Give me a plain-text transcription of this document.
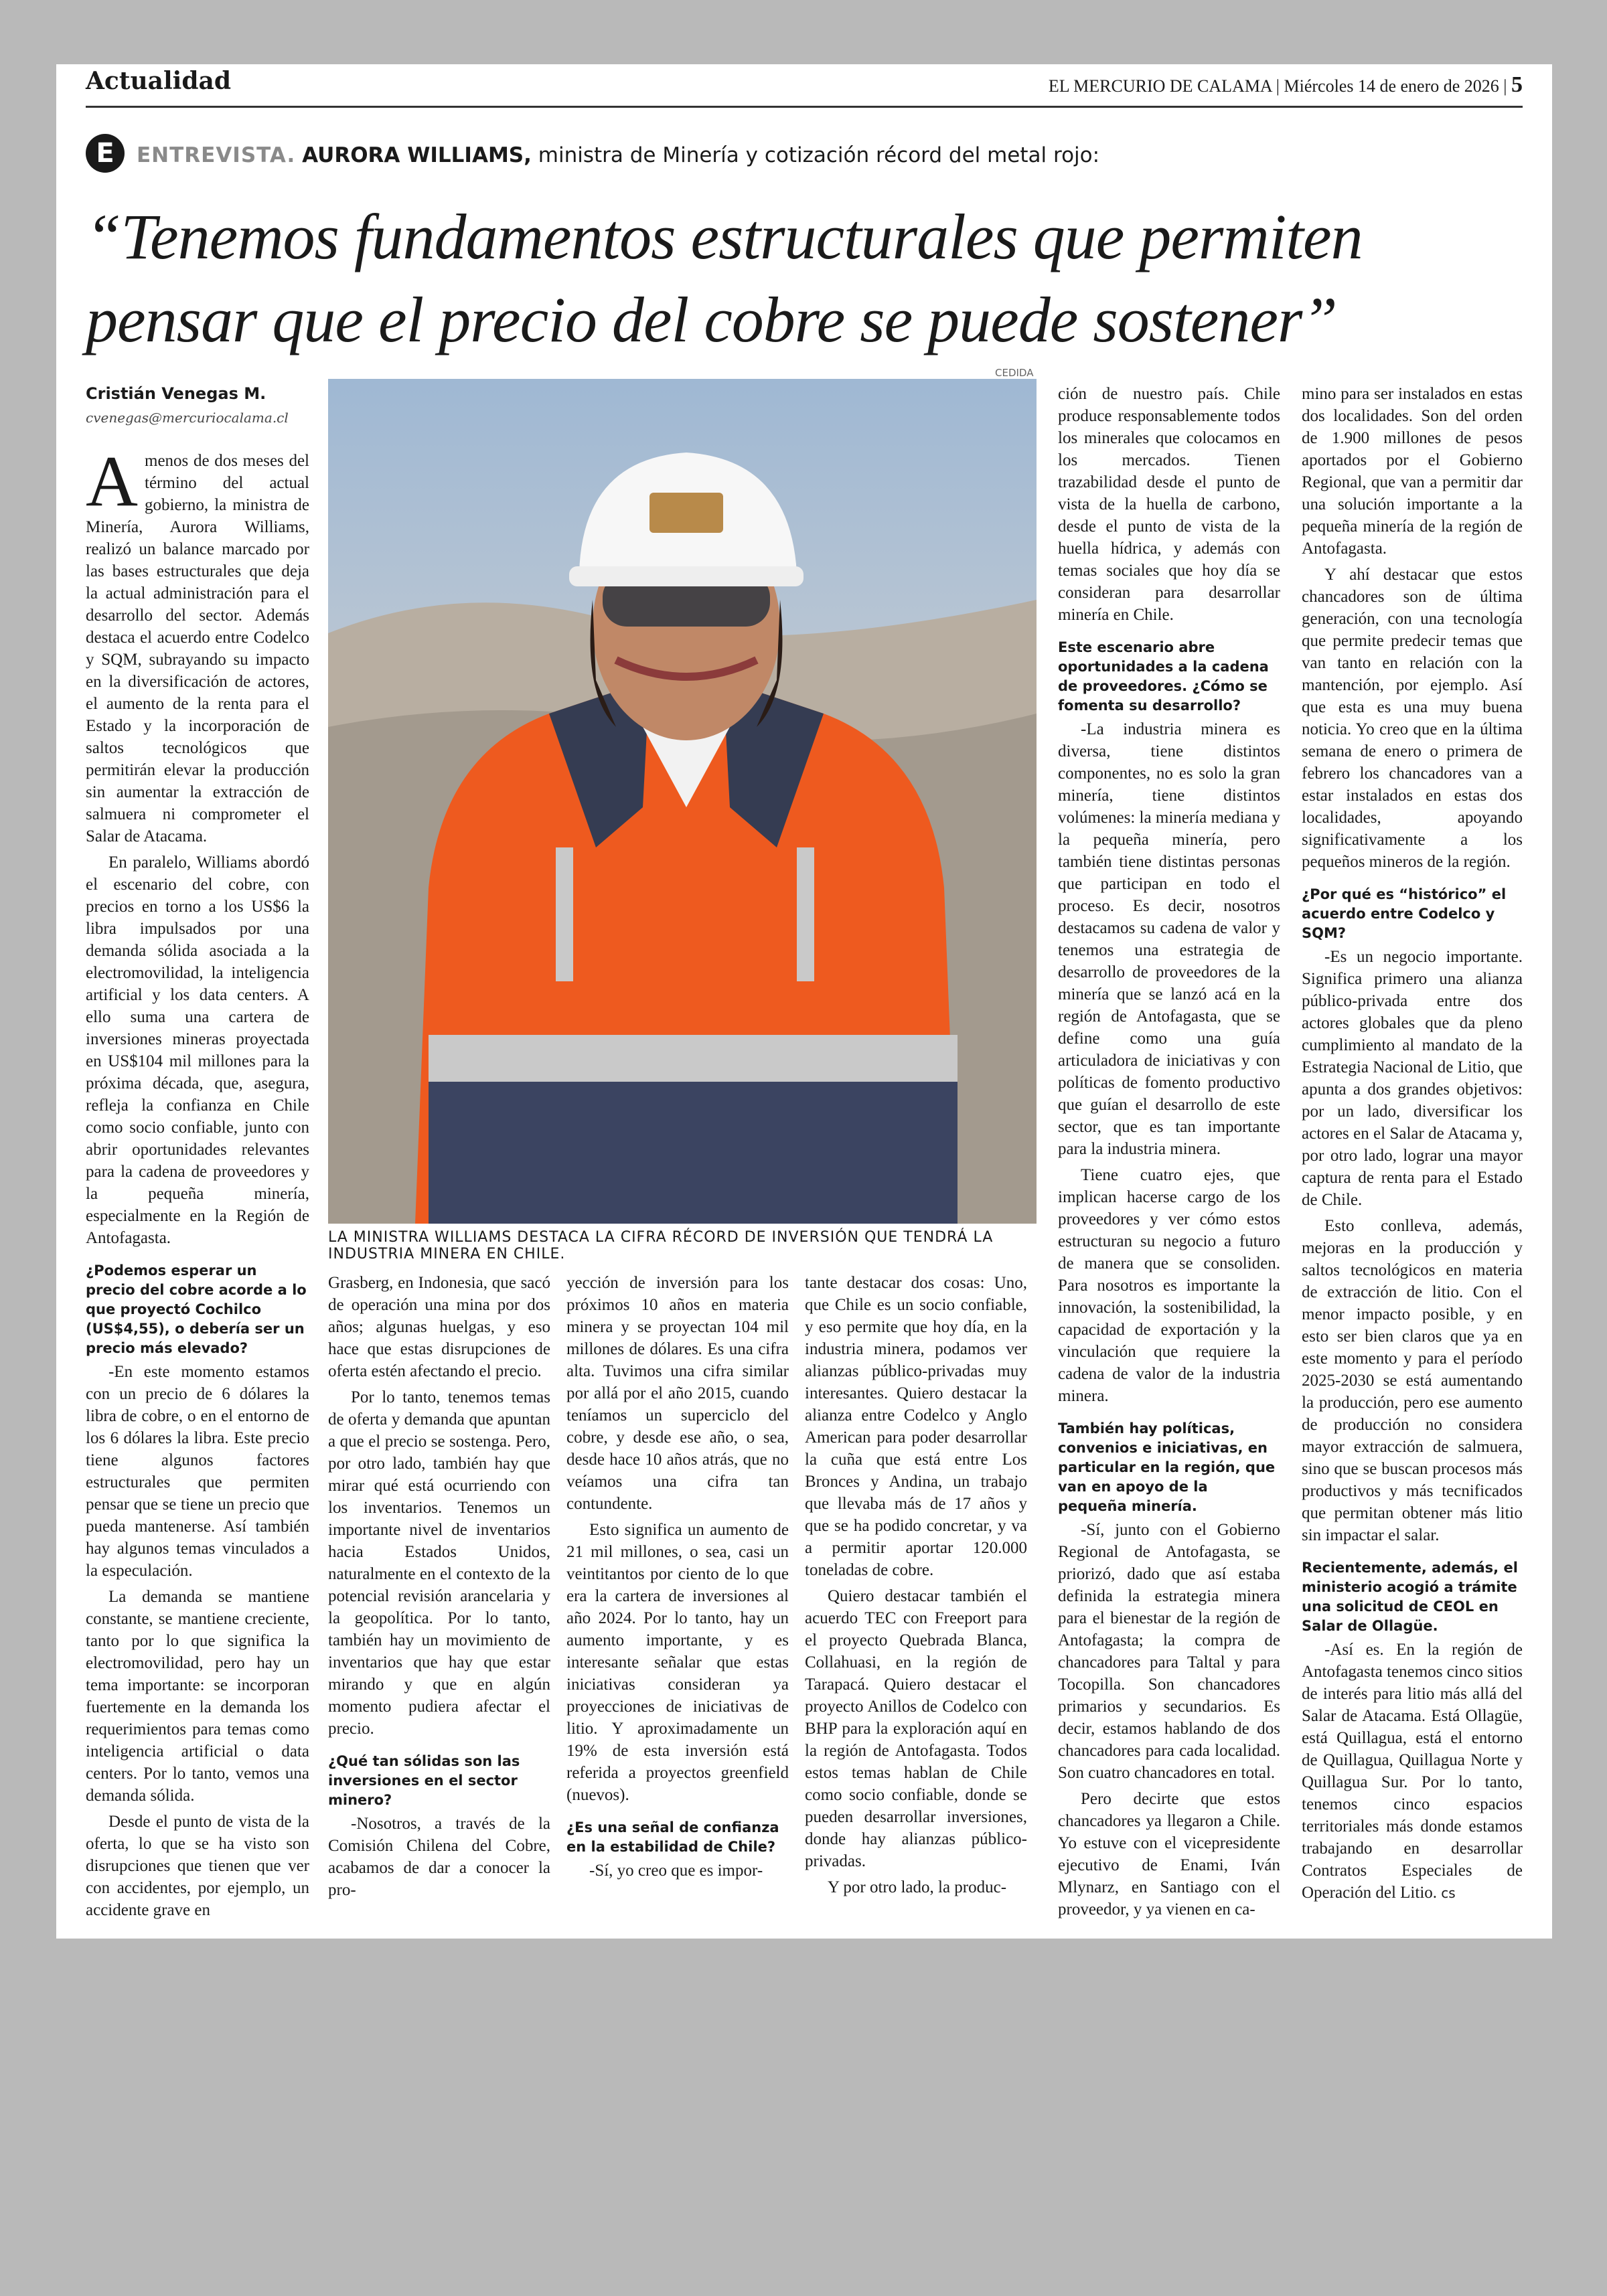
Actualidad	EL MERCURIO DE CALAMA | Miércoles 14 de enero de 2026 | 5
E	ENTREVISTA. AURORA WILLIAMS, ministra de Minería y cotización récord del metal rojo:
“Tenemos fundamentos estructurales que permiten
pensar que el precio del cobre se puede sostener”
CEDIDA
LA MINISTRA WILLIAMS DESTACA LA CIFRA RÉCORD DE INVERSIÓN QUE TENDRÁ LA INDUSTRIA MINERA EN CHILE.
Cristián Venegas M.
cvenegas@mercuriocalama.cl

Amenos de dos meses del término del actual gobierno, la ministra de Minería, Aurora Williams, realizó un balance marcado por las bases estructurales que deja la actual administración para el desarrollo del sector. Además destaca el acuerdo entre Codelco y SQM, subrayando su impacto en la diversificación de actores, el aumento de la renta para el Estado y la incorporación de saltos tecnológicos que permitirán elevar la producción sin aumentar la extracción de salmuera ni comprometer el Salar de Atacama.

En paralelo, Williams abordó el escenario del cobre, con precios en torno a los US$6 la libra impulsados por una demanda sólida asociada a la electromovilidad, la inteligencia artificial y los data centers. A ello suma una cartera de inversiones mineras proyectada en US$104 mil millones para la próxima década, que, asegura, refleja la confianza en Chile como socio confiable, junto con abrir oportunidades relevantes para la cadena de proveedores y la pequeña minería, especialmente en la Región de Antofagasta.

¿Podemos esperar un precio del cobre acorde a lo que proyectó Cochilco (US$4,55), o debería ser un precio más elevado?

-En este momento estamos con un precio de 6 dólares la libra de cobre, o en el entorno de los 6 dólares la libra. Este precio tiene algunos factores estructurales que permiten pensar que se tiene un precio que pueda mantenerse. Así también hay algunos temas vinculados a la especulación.

La demanda se mantiene constante, se mantiene creciente, tanto por lo que significa la electromovilidad, pero hay un tema importante: se incorporan fuertemente en la demanda los requerimientos para temas como inteligencia artificial o data centers. Por lo tanto, vemos una demanda sólida.

Desde el punto de vista de la oferta, lo que se ha visto son disrupciones que tienen que ver con accidentes, por ejemplo, un accidente grave en

Grasberg, en Indonesia, que sacó de operación una mina por dos años; algunas huelgas, y eso hace que estas disrupciones de oferta estén afectando el precio.

Por lo tanto, tenemos temas de oferta y demanda que apuntan a que el precio se sostenga. Pero, por otro lado, también hay que mirar qué está ocurriendo con los inventarios. Tenemos un importante nivel de inventarios hacia Estados Unidos, naturalmente en el contexto de la potencial revisión arancelaria y la geopolítica. Por lo tanto, también hay un movimiento de inventarios que hay que estar mirando y que en algún momento pudiera afectar el precio.

¿Qué tan sólidas son las inversiones en el sector minero?

-Nosotros, a través de la Comisión Chilena del Cobre, acabamos de dar a conocer la pro-

yección de inversión para los próximos 10 años en materia minera y se proyectan 104 mil millones de dólares. Es una cifra alta. Tuvimos una cifra similar por allá por el año 2015, cuando teníamos un superciclo del cobre, y desde ese año, o sea, desde hace 10 años atrás, que no veíamos una cifra tan contundente.

Esto significa un aumento de 21 mil millones, o sea, casi un veintitantos por ciento de lo que era la cartera de inversiones al año 2024. Por lo tanto, hay un aumento importante, y es interesante señalar que estas iniciativas consideran ya proyecciones de iniciativas de litio. Y aproximadamente un 19% de esta inversión está referida a proyectos greenfield (nuevos).

¿Es una señal de confianza en la estabilidad de Chile?

-Sí, yo creo que es impor-

tante destacar dos cosas: Uno, que Chile es un socio confiable, y eso permite que hoy día, en la industria minera, podamos ver alianzas público-privadas muy interesantes. Quiero destacar la alianza entre Codelco y Anglo American para poder desarrollar la cuña que está entre Los Bronces y Andina, un trabajo que llevaba más de 17 años y que se ha podido concretar, y va a permitir aportar 120.000 toneladas de cobre.

Quiero destacar también el acuerdo TEC con Freeport para el proyecto Quebrada Blanca, Collahuasi, en la región de Tarapacá. Quiero destacar el proyecto Anillos de Codelco con BHP para la exploración aquí en la región de Antofagasta. Todos estos temas hablan de Chile como socio confiable, donde se pueden desarrollar inversiones, donde hay alianzas público-privadas.

Y por otro lado, la produc-

ción de nuestro país. Chile produce responsablemente todos los minerales que colocamos en los mercados. Tienen trazabilidad desde el punto de vista de la huella de carbono, desde el punto de vista de la huella hídrica, y además con temas sociales que hoy día se consideran para desarrollar minería en Chile.

Este escenario abre oportunidades a la cadena de proveedores. ¿Cómo se fomenta su desarrollo?

-La industria minera es diversa, tiene distintos componentes, no es solo la gran minería, tiene distintos volúmenes: la minería mediana y la pequeña minería, pero también tiene distintas personas que participan en todo el proceso. Es decir, nosotros destacamos su cadena de valor y tenemos una estrategia de desarrollo de proveedores de la minería que se lanzó acá en la región de Antofagasta, que se define como una guía articuladora de iniciativas y con políticas de fomento productivo que guían el desarrollo de este sector, que es tan importante para la industria minera.

Tiene cuatro ejes, que implican hacerse cargo de los proveedores y ver cómo estos estructuran su negocio a futuro de manera que se consoliden. Para nosotros es importante la innovación, la sostenibilidad, la capacidad de exportación y la vinculación que requiere la cadena de valor de la industria minera.

También hay políticas, convenios e iniciativas, en particular en la región, que van en apoyo de la pequeña minería.

-Sí, junto con el Gobierno Regional de Antofagasta, se priorizó, dado que así estaba definida la estrategia minera para el bienestar de la región de Antofagasta; la compra de chancadores para Taltal y para Tocopilla. Son chancadores primarios y secundarios. Es decir, estamos hablando de dos chancadores para cada localidad. Son cuatro chancadores en total.

Pero decirte que estos chancadores ya llegaron a Chile. Yo estuve con el vicepresidente ejecutivo de Enami, Iván Mlynarz, en Santiago con el proveedor, y ya vienen en ca-

mino para ser instalados en estas dos localidades. Son del orden de 1.900 millones de pesos aportados por el Gobierno Regional, que van a permitir dar una solución importante a la pequeña minería de la región de Antofagasta.

Y ahí destacar que estos chancadores son de última generación, con una tecnología que permite predecir temas que van tanto en relación con la mantención, por ejemplo. Así que esta es una muy buena noticia. Yo creo que en la última semana de enero o primera de febrero los chancadores van a estar instalados en estas dos localidades, apoyando significativamente a los pequeños mineros de la región.

¿Por qué es “histórico” el acuerdo entre Codelco y SQM?

-Es un negocio importante. Significa primero una alianza público-privada entre dos actores globales que da pleno cumplimiento al mandato de la Estrategia Nacional de Litio, que apunta a dos grandes objetivos: por un lado, diversificar los actores en el Salar de Atacama y, por otro lado, lograr una mayor captura de renta para el Estado de Chile.

Esto conlleva, además, mejoras en la producción y saltos tecnológicos en materia de extracción de litio. Con el menor impacto posible, y en esto ser bien claros que ya en este momento y para el período 2025-2030 se está aumentando la producción, pero ese aumento de producción no considera mayor extracción de salmuera, sino que se buscan procesos más productivos y más tecnificados que permitan obtener más litio sin impactar el salar.

Recientemente, además, el ministerio acogió a trámite una solicitud de CEOL en Salar de Ollagüe.

-Así es. En la región de Antofagasta tenemos cinco sitios de interés para litio más allá del Salar de Atacama. Está Ollagüe, está Quillagua, está el entorno de Quillagua, Quillagua Norte y Quillagua Sur. Por lo tanto, tenemos cinco espacios territoriales más donde estamos trabajando en desarrollar Contratos Especiales de Operación del Litio. cs
